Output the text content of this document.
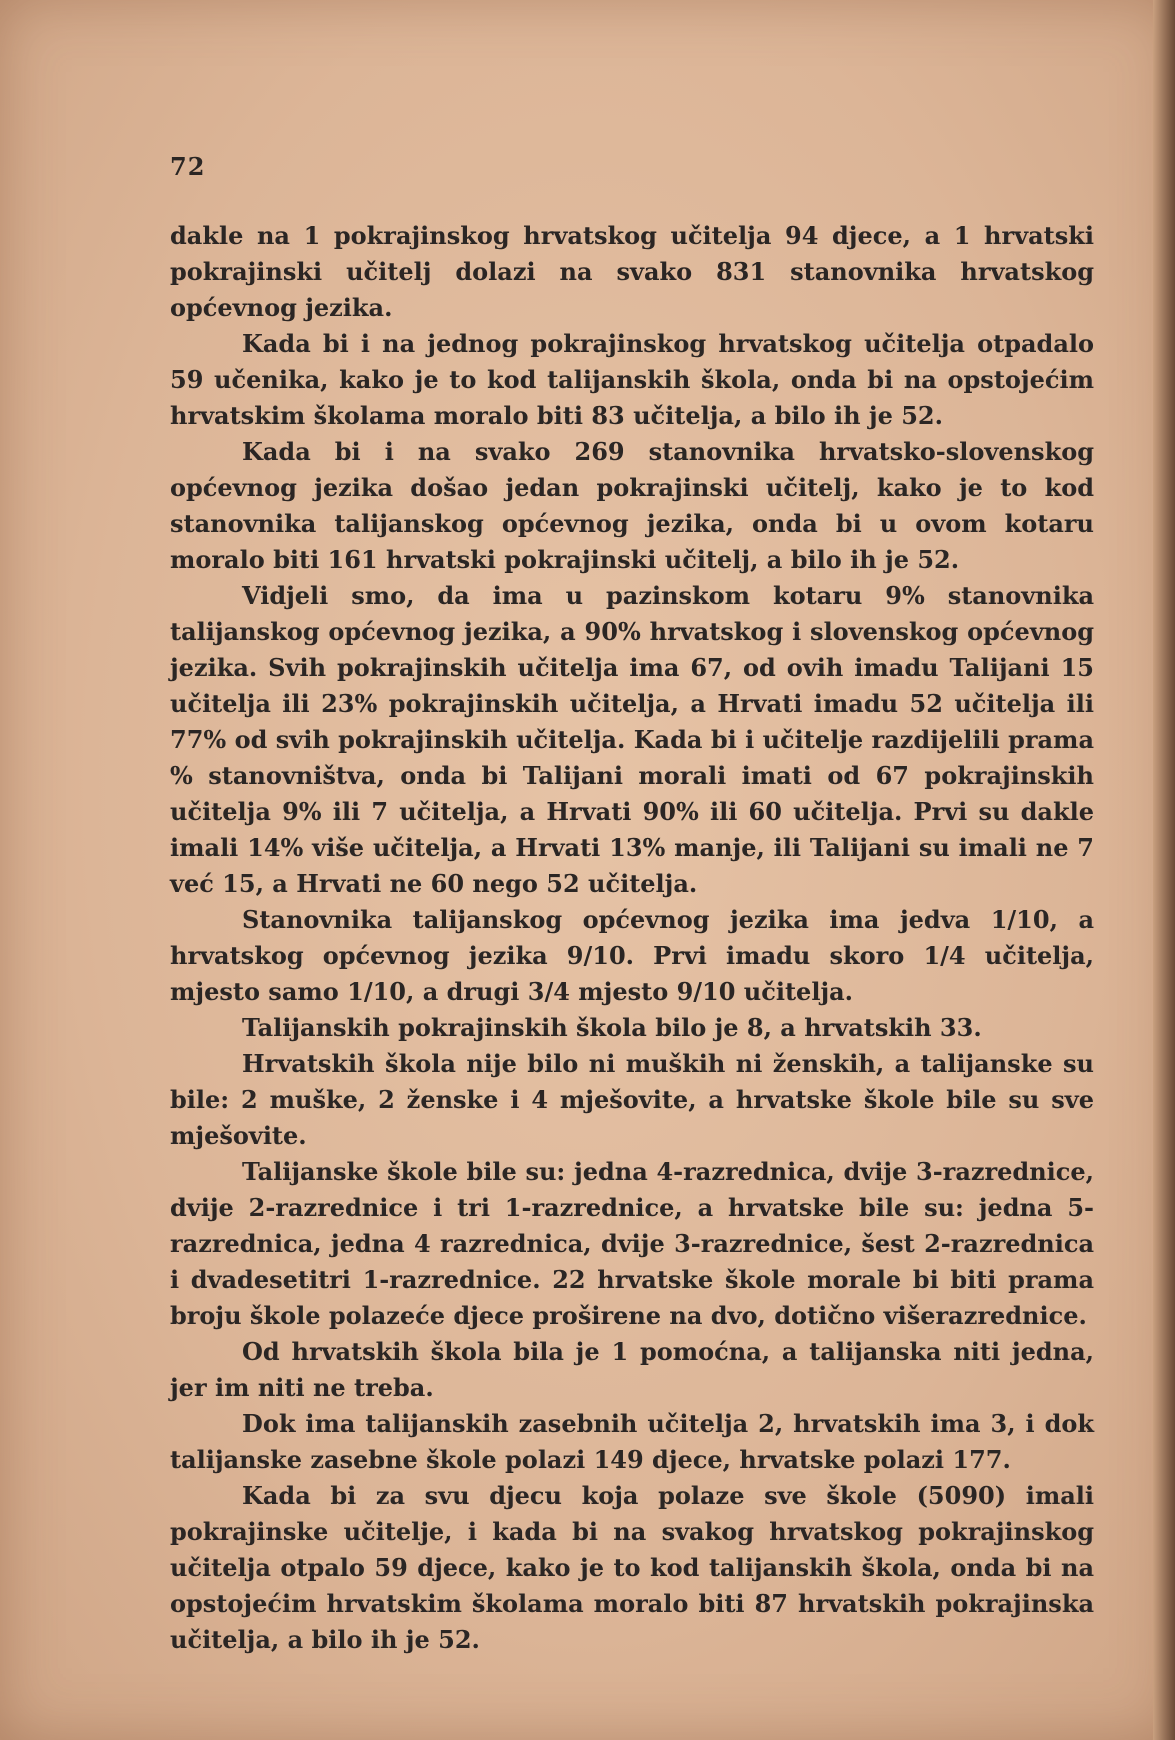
72

dakle na 1 pokrajinskog hrvatskog učitelja 94 djece, a 1 hrvatski pokrajinski učitelj dolazi na svako 831 stanovnika hrvatskog općevnog jezika.

Kada bi i na jednog pokrajinskog hrvatskog učitelja otpadalo 59 učenika, kako je to kod talijanskih škola, onda bi na opstojećim hrvatskim školama moralo biti 83 učitelja, a bilo ih je 52.

Kada bi i na svako 269 stanovnika hrvatsko-slovenskog općevnog jezika došao jedan pokrajinski učitelj, kako je to kod stanovnika talijanskog općevnog jezika, onda bi u ovom kotaru moralo biti 161 hrvatski pokrajinski učitelj, a bilo ih je 52.

Vidjeli smo, da ima u pazinskom kotaru 9% stanovnika talijanskog općevnog jezika, a 90% hrvatskog i slovenskog općevnog jezika. Svih pokrajinskih učitelja ima 67, od ovih imadu Talijani 15 učitelja ili 23% pokrajinskih učitelja, a Hrvati imadu 52 učitelja ili 77% od svih pokrajinskih učitelja. Kada bi i učitelje razdijelili prama % stanovništva, onda bi Talijani morali imati od 67 pokrajinskih učitelja 9% ili 7 učitelja, a Hrvati 90% ili 60 učitelja. Prvi su dakle imali 14% više učitelja, a Hrvati 13% manje, ili Talijani su imali ne 7 već 15, a Hrvati ne 60 nego 52 učitelja.

Stanovnika talijanskog općevnog jezika ima jedva 1/10, a hrvatskog općevnog jezika 9/10. Prvi imadu skoro 1/4 učitelja, mjesto samo 1/10, a drugi 3/4 mjesto 9/10 učitelja.

Talijanskih pokrajinskih škola bilo je 8, a hrvatskih 33.

Hrvatskih škola nije bilo ni muških ni ženskih, a talijanske su bile: 2 muške, 2 ženske i 4 mješovite, a hrvatske škole bile su sve mješovite.

Talijanske škole bile su: jedna 4-razrednica, dvije 3-razrednice, dvije 2-razrednice i tri 1-razrednice, a hrvatske bile su: jedna 5-razrednica, jedna 4 razrednica, dvije 3-razrednice, šest 2-razrednica i dvadesetitri 1-razrednice. 22 hrvatske škole morale bi biti prama broju škole polazeće djece proširene na dvo, dotično višerazrednice.

Od hrvatskih škola bila je 1 pomoćna, a talijanska niti jedna, jer im niti ne treba.

Dok ima talijanskih zasebnih učitelja 2, hrvatskih ima 3, i dok talijanske zasebne škole polazi 149 djece, hrvatske polazi 177.

Kada bi za svu djecu koja polaze sve škole (5090) imali pokrajinske učitelje, i kada bi na svakog hrvatskog pokrajinskog učitelja otpalo 59 djece, kako je to kod talijanskih škola, onda bi na opstojećim hrvatskim školama moralo biti 87 hrvatskih pokrajinska učitelja, a bilo ih je 52.
